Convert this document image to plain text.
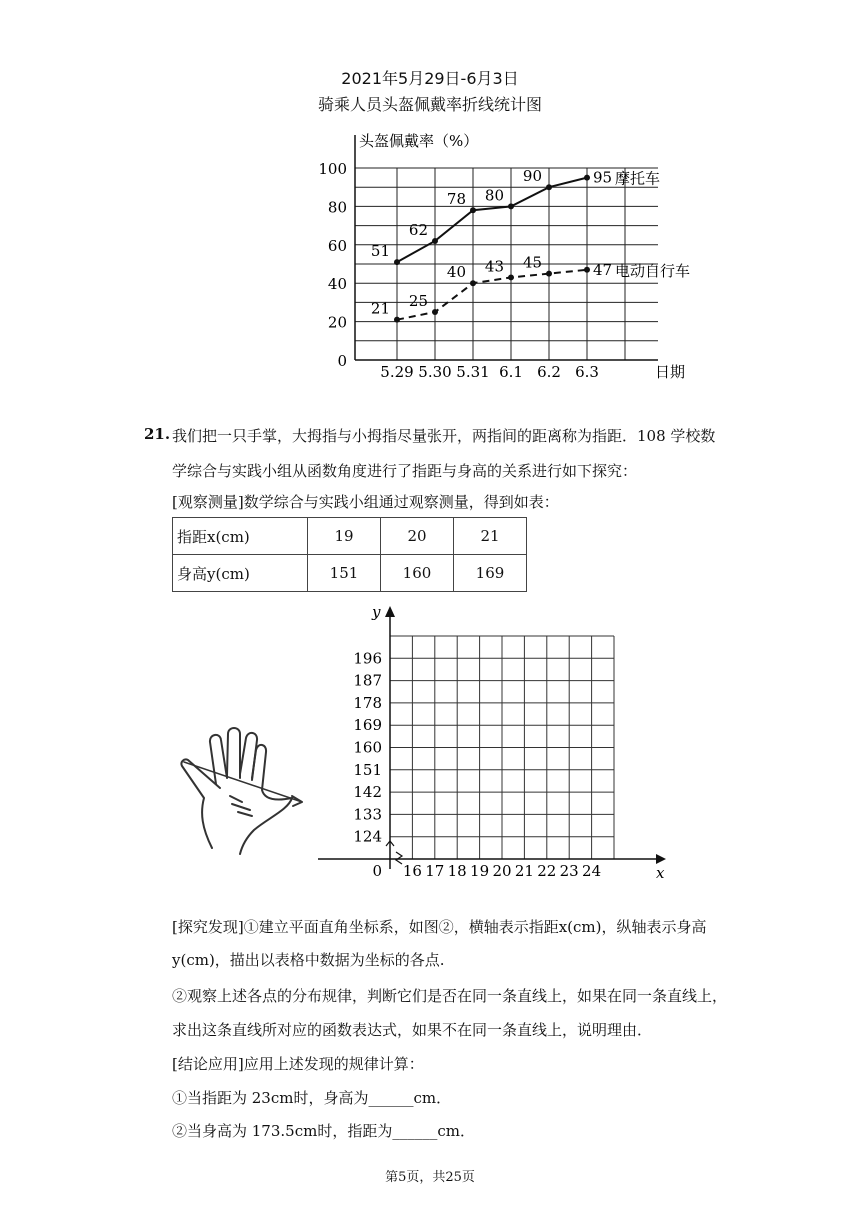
2021年5月29日-6月3日
骑乘人员头盔佩戴率折线统计图
0
20
40
60
80
100
5.29 5.30 5.31 6.1 6.2 6.3
头盔佩戴率（%）
日期
51
62
78 80
90	95 摩托车
21 25
40 43 45	47 电动自行车
21. 我们把一只手掌，大拇指与小拇指尽量张开，两指间的距离称为指距．108 学校数
学综合与实践小组从函数角度进行了指距与身高的关系进行如下探究：
[观察测量]数学综合与实践小组通过观察测量，得到如表：
指距x(cm)	19	20	21
身高y(cm)	151	160	169
124
133
142
151
160
169
178
187
196
16 17 18 19 20 21 22 23 24
0	x
y
[探究发现]①建立平面直角坐标系，如图②，横轴表示指距x(cm)，纵轴表示身高
y(cm)，描出以表格中数据为坐标的各点.
②观察上述各点的分布规律，判断它们是否在同一条直线上，如果在同一条直线上，
求出这条直线所对应的函数表达式，如果不在同一条直线上，说明理由．
[结论应用]应用上述发现的规律计算：
①当指距为 23cm时，身高为______cm．
②当身高为 173.5cm时，指距为______cm．
第5页，共25页
